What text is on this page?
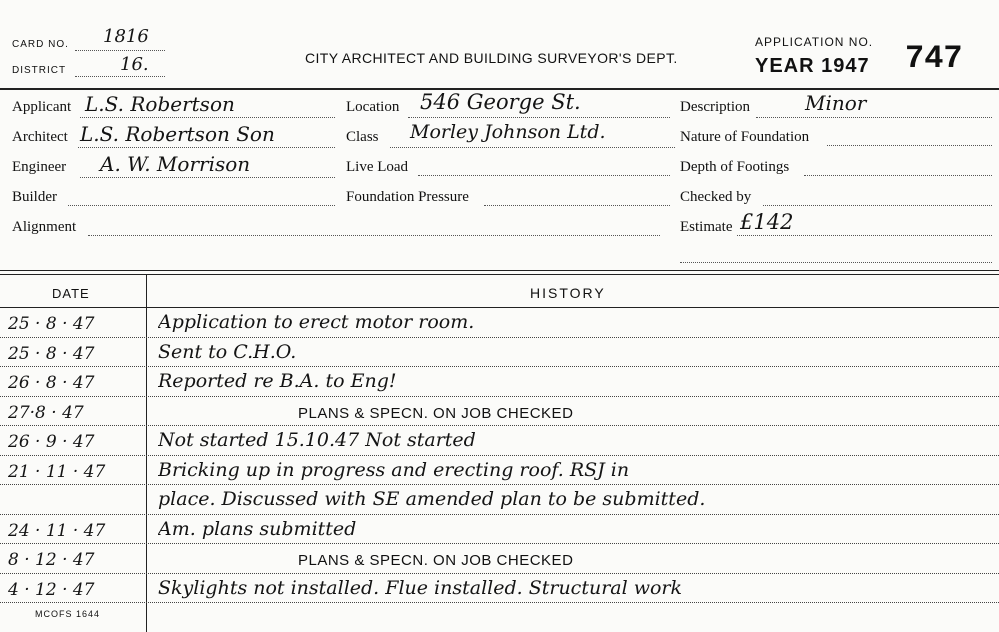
CARD NO. 1816
DISTRICT	16.	CITY ARCHITECT AND BUILDING SURVEYOR'S DEPT.
APPLICATION NO.
YEAR 1947 747
Applicant L.S. Robertson
Architect L.S. Robertson Son
Engineer A. W. Morrison
Builder
Alignment
Location 546 George St.
Class Morley Johnson Ltd.
Live Load
Foundation Pressure
Description	Minor
Nature of Foundation
Depth of Footings
Checked by
Estimate £142
DATE	HISTORY
25 · 8 · 47	Application to erect motor room.
25 · 8 · 47	Sent to C.H.O.
26 · 8 · 47	Reported re B.A. to Eng!
27·8 · 47	PLANS & SPECN. ON JOB CHECKED
26 · 9 · 47	Not started 15.10.47 Not started
21 · 11 · 47	Bricking up in progress and erecting roof. RSJ in
place. Discussed with SE amended plan to be submitted.
24 · 11 · 47	Am. plans submitted
8 · 12 · 47	PLANS & SPECN. ON JOB CHECKED
4 · 12 · 47	Skylights not installed. Flue installed. Structural work
MCOFS 1644
